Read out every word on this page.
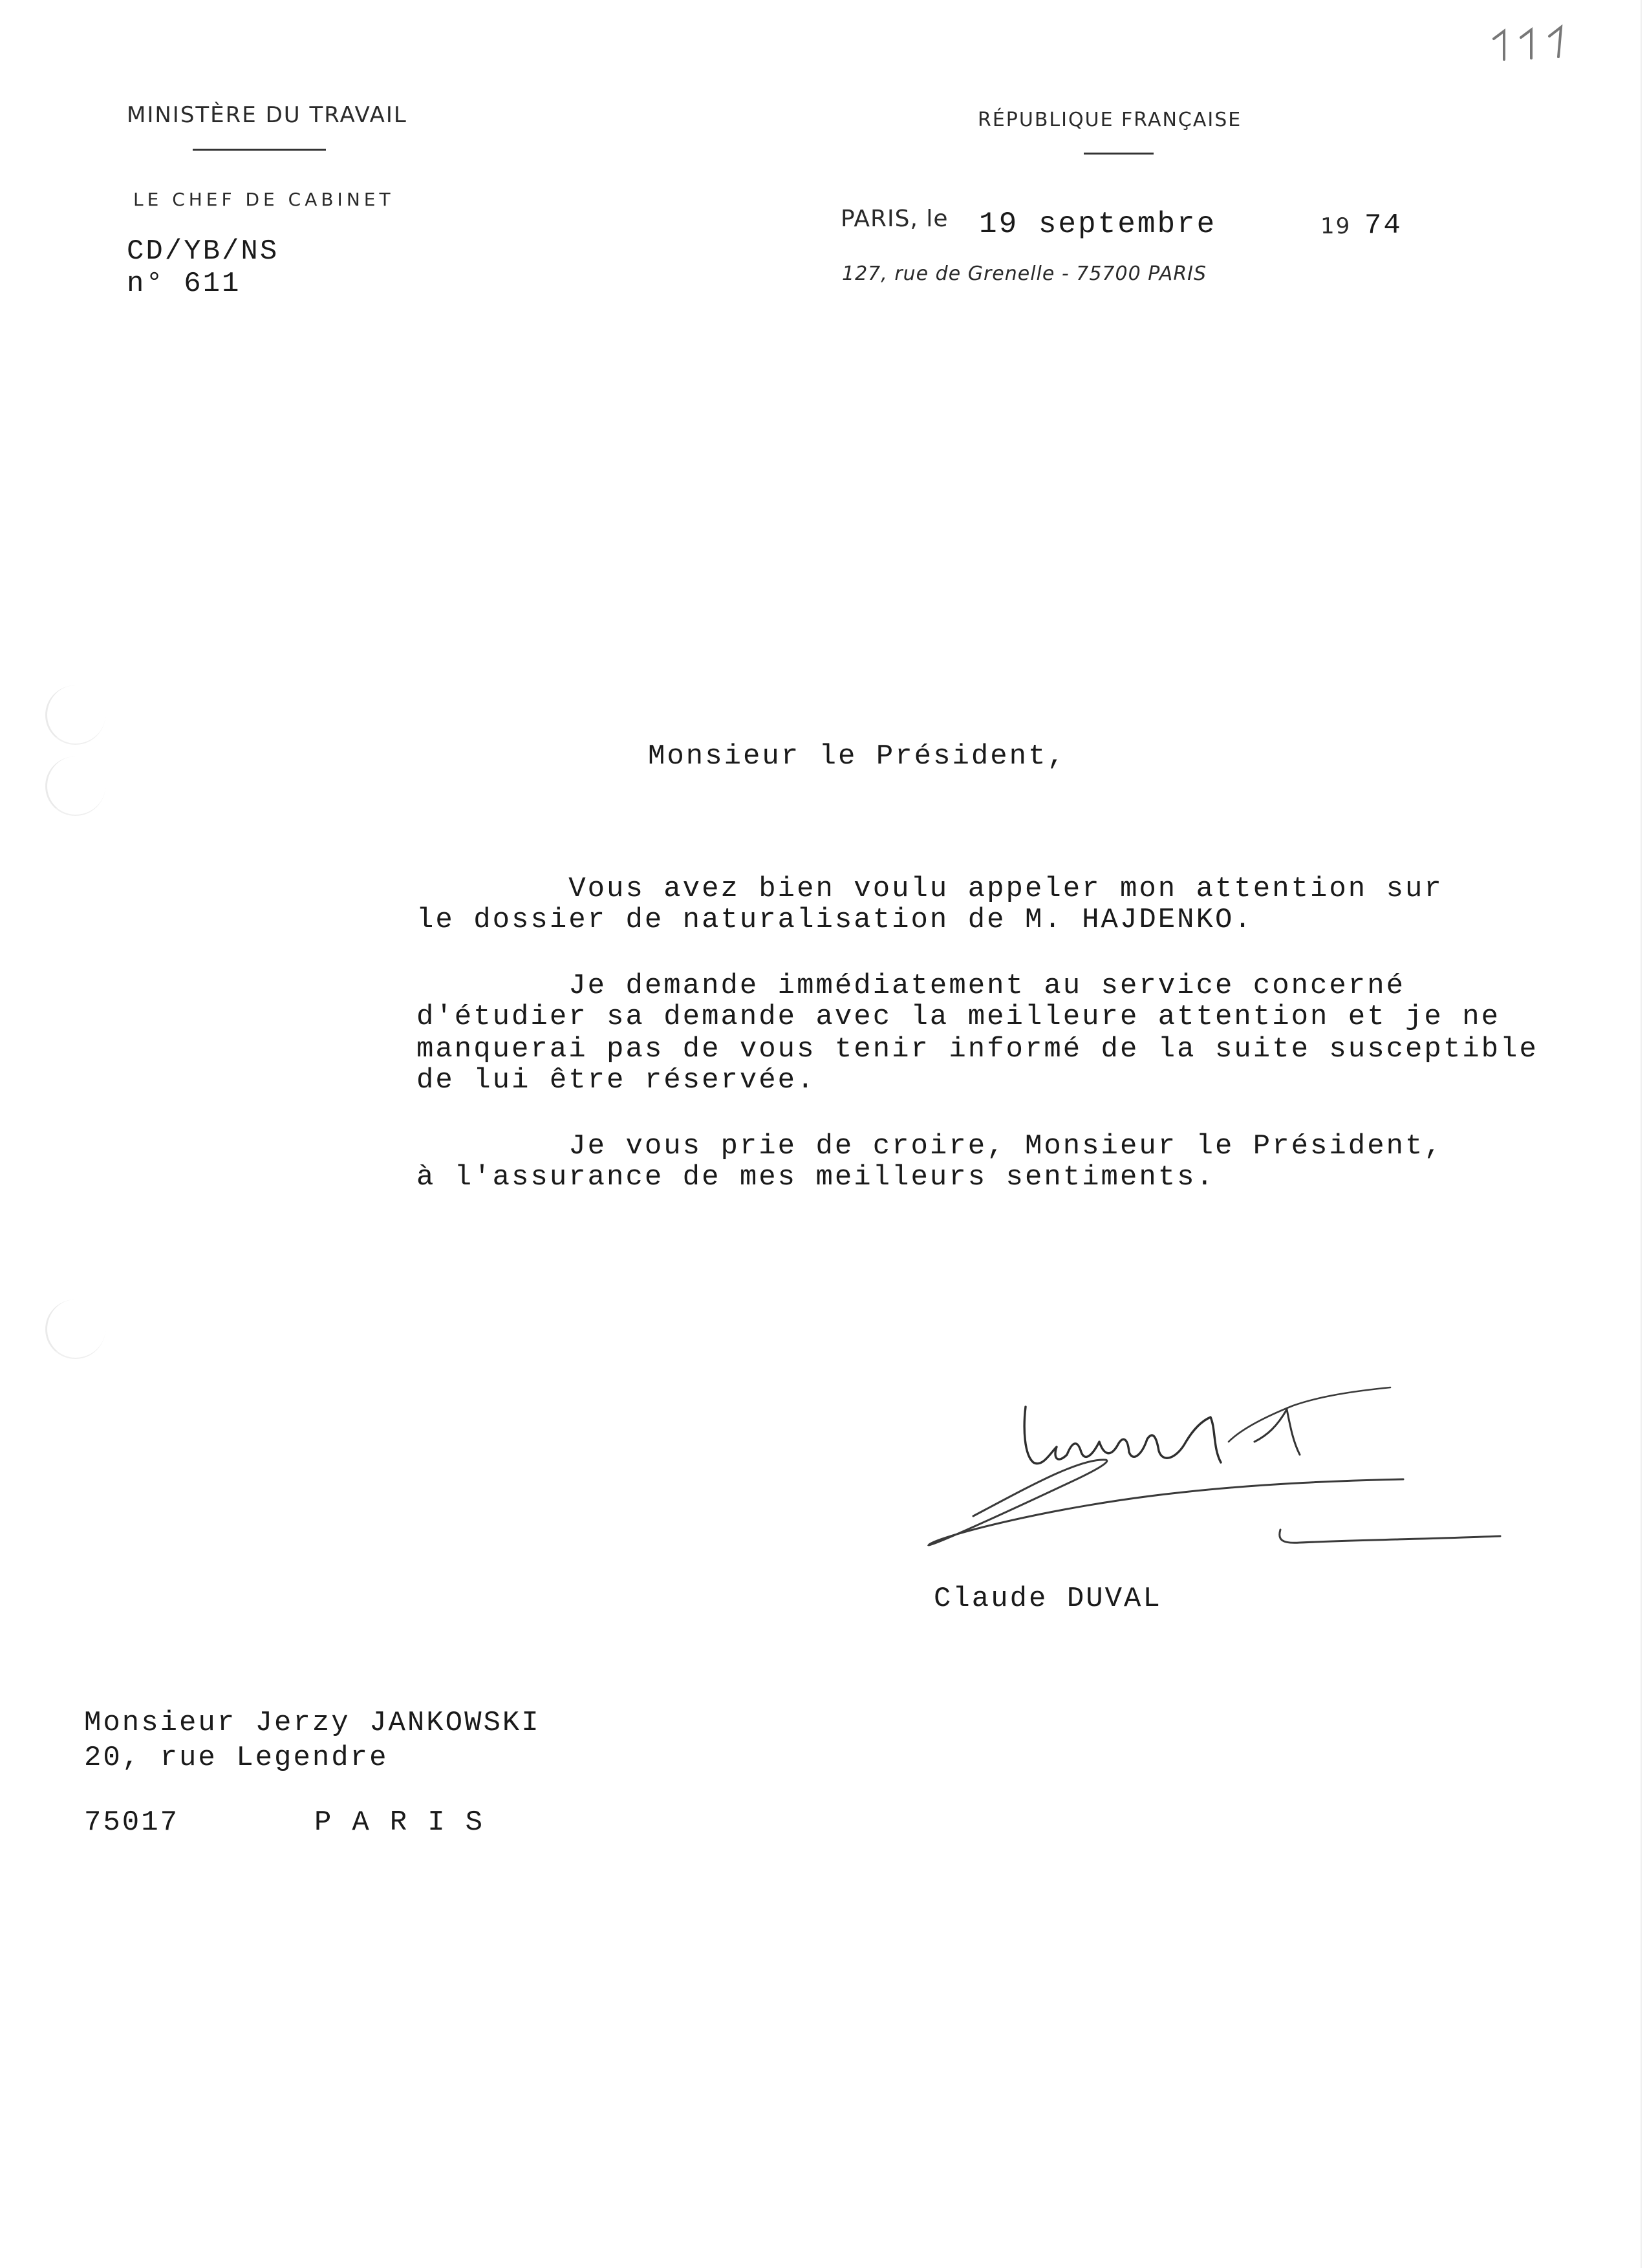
MINISTÈRE DU TRAVAIL
LE CHEF DE CABINET
CD/YB/NS
n° 611
RÉPUBLIQUE FRANÇAISE
PARIS, le 19 septembre	19 74
127, rue de Grenelle - 75700 PARIS
Monsieur le Président,
Vous avez bien voulu appeler mon attention sur
le dossier de naturalisation de M. HAJDENKO.
Je demande immédiatement au service concerné
d'étudier sa demande avec la meilleure attention et je ne
manquerai pas de vous tenir informé de la suite susceptible
de lui être réservée.
Je vous prie de croire, Monsieur le Président,
à l'assurance de mes meilleurs sentiments.
Claude DUVAL
Monsieur Jerzy JANKOWSKI
20, rue Legendre
75017	PARIS
